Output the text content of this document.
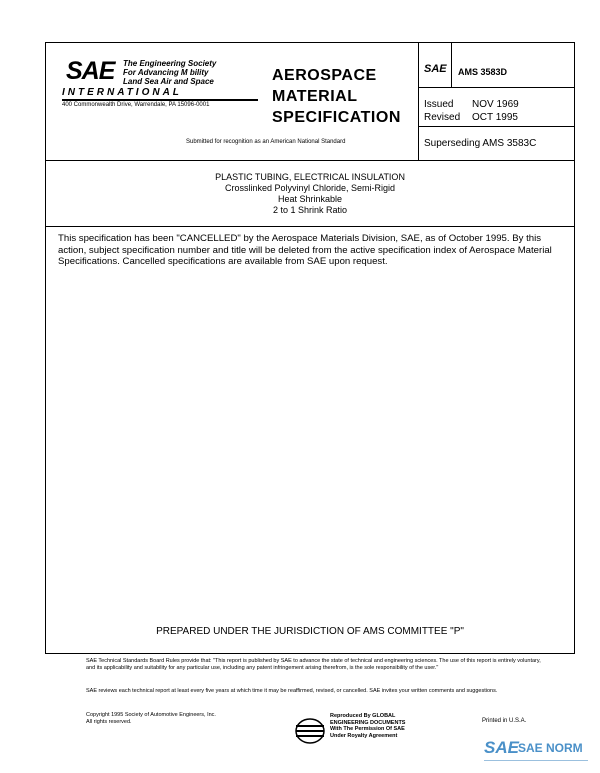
SAE The Engineering Society
For Advancing M bility
Land Sea Air and Space
INTERNATIONAL
400 Commonwealth Drive, Warrendale, PA 15096-0001
AEROSPACE
MATERIAL
SPECIFICATION
Submitted for recognition as an American National Standard
SAE AMS 3583D
Issued
Revised
NOV 1969
OCT 1995
Superseding AMS 3583C
PLASTIC TUBING, ELECTRICAL INSULATION
Crosslinked Polyvinyl Chloride, Semi-Rigid
Heat Shrinkable
2 to 1 Shrink Ratio
This specification has been "CANCELLED" by the Aerospace Materials Division, SAE, as of October 1995. By this action, subject specification number and title will be deleted from the active specification index of Aerospace Material Specifications. Cancelled specifications are available from SAE upon request.
PREPARED UNDER THE JURISDICTION OF AMS COMMITTEE "P"
SAE Technical Standards Board Rules provide that: "This report is published by SAE to advance the state of technical and engineering sciences. The use of this report is entirely voluntary, and its applicability and suitability for any particular use, including any patent infringement arising therefrom, is the sole responsibility of the user."
SAE reviews each technical report at least every five years at which time it may be reaffirmed, revised, or cancelled. SAE invites your written comments and suggestions.
Copyright 1995 Society of Automotive Engineers, Inc.
All rights reserved.
Reproduced By GLOBAL
ENGINEERING DOCUMENTS
With The Permission Of SAE
Under Royalty Agreement
Printed in U.S.A.
SAE SAE NORM
